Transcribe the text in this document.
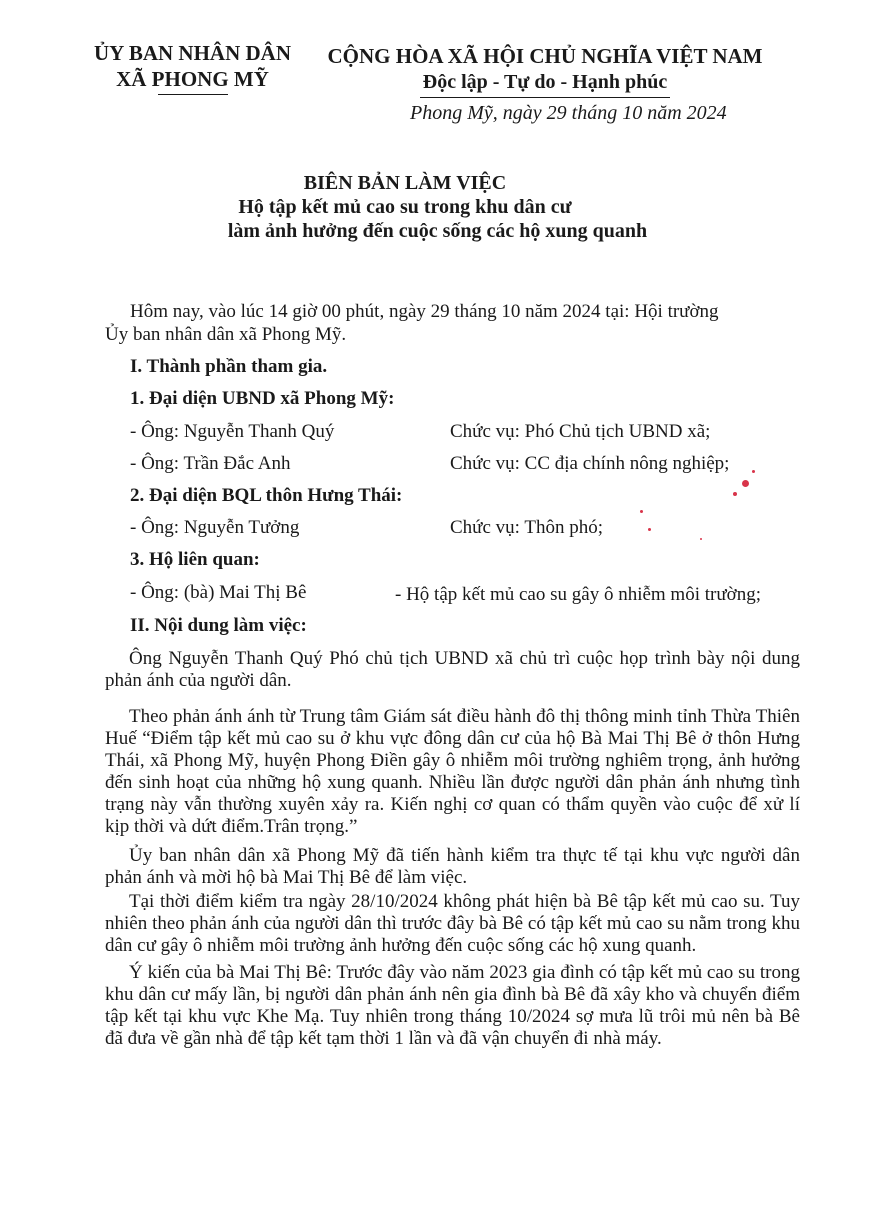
ỦY BAN NHÂN DÂN
XÃ PHONG MỸ
CỘNG HÒA XÃ HỘI CHỦ NGHĨA VIỆT NAM
Độc lập - Tự do - Hạnh phúc
Phong Mỹ, ngày 29 tháng 10 năm 2024
BIÊN BẢN LÀM VIỆC
Hộ tập kết mủ cao su trong khu dân cư
làm ảnh hưởng đến cuộc sống các hộ xung quanh
Hôm nay, vào lúc 14 giờ 00 phút, ngày 29 tháng 10 năm 2024 tại: Hội trường
Ủy ban nhân dân xã Phong Mỹ.
I. Thành phần tham gia.
1. Đại diện UBND xã Phong Mỹ:
- Ông: Nguyễn Thanh Quý	Chức vụ: Phó Chủ tịch UBND xã;
- Ông: Trần Đắc Anh	Chức vụ: CC địa chính nông nghiệp;
2. Đại diện BQL thôn Hưng Thái:
- Ông: Nguyễn Tưởng	Chức vụ: Thôn phó;
3. Hộ liên quan:
- Ông: (bà) Mai Thị Bê	- Hộ tập kết mủ cao su gây ô nhiễm môi trường;
II. Nội dung làm việc:
Ông Nguyễn Thanh Quý Phó chủ tịch UBND xã chủ trì cuộc họp trình bày nội dung phản ánh của người dân.
Theo phản ánh ánh từ Trung tâm Giám sát điều hành đô thị thông minh tỉnh Thừa Thiên Huế “Điểm tập kết mủ cao su ở khu vực đông dân cư của hộ Bà Mai Thị Bê ở thôn Hưng Thái, xã Phong Mỹ, huyện Phong Điền gây ô nhiễm môi trường nghiêm trọng, ảnh hưởng đến sinh hoạt của những hộ xung quanh. Nhiều lần được người dân phản ánh nhưng tình trạng này vẫn thường xuyên xảy ra. Kiến nghị cơ quan có thẩm quyền vào cuộc để xử lí kịp thời và dứt điểm.Trân trọng.”
Ủy ban nhân dân xã Phong Mỹ đã tiến hành kiểm tra thực tế tại khu vực người dân phản ánh và mời hộ bà Mai Thị Bê để làm việc.
Tại thời điểm kiểm tra ngày 28/10/2024 không phát hiện bà Bê tập kết mủ cao su. Tuy nhiên theo phản ánh của người dân thì trước đây bà Bê có tập kết mủ cao su nằm trong khu dân cư gây ô nhiễm môi trường ảnh hưởng đến cuộc sống các hộ xung quanh.
Ý kiến của bà Mai Thị Bê: Trước đây vào năm 2023 gia đình có tập kết mủ cao su trong khu dân cư mấy lần, bị người dân phản ánh nên gia đình bà Bê đã xây kho và chuyển điểm tập kết tại khu vực Khe Mạ. Tuy nhiên trong tháng 10/2024 sợ mưa lũ trôi mủ nên bà Bê đã đưa về gần nhà để tập kết tạm thời 1 lần và đã vận chuyển đi nhà máy.
